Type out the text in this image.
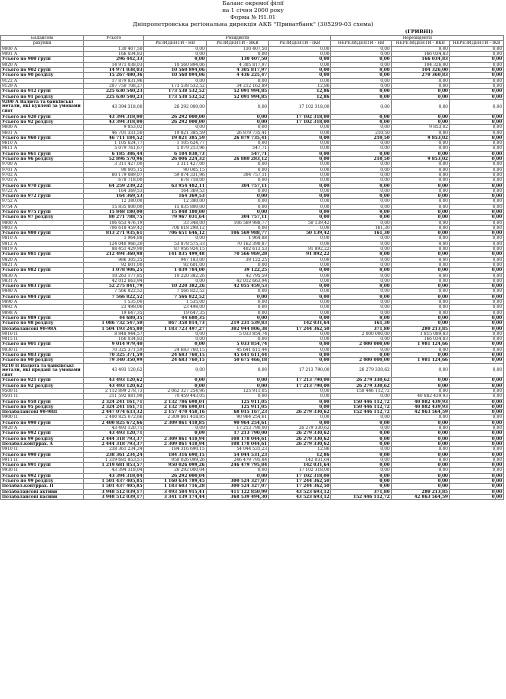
Баланс окремої філії
на 1 січня 2000 року
Форма № Н1.01
Дніпропетровська регіональна дирекція АКБ "Приватбанк" (305299-03 схема)
(ГРИВНІ)
Балансові	Усього	Резиденти			Нерезиденти		
рахунки		РЕЗИДЕНТИ - НВ	РЕЗИДЕНТИ - ВКВ	РЕЗИДЕНТИ - ІКВ	НЕРЕЗИДЕНТИ - НВ	НЕРЕЗИДЕНТИ - ВКВ	НЕРЕЗИДЕНТИ - ІКВ
9000 А	130 407,50	0,00	130 407,50	0,00	0,00	0,00	0,00
9001 А	166 034,83	0,00	0,00	0,00	0,00	166 034,83	0,00
Усього по 900 групі	296 442,33	0,00	130 407,50	0,00	0,00	166 034,83	0,00
9020 А	14 971 038,03	10 560 894,06	4 305 817,97	0,00	0,00	104 326,00	0,00
Усього по 902 групі	14 971 038,03	10 560 894,06	4 305 817,97	0,00	0,00	104 326,00	0,00
Усього по 90 розділу	15 267 480,36	10 560 894,06	4 436 225,47	0,00	0,00	270 360,83	0,00
9122 А	17 879 831,96	0,00	0,00	0,00	0,00	0,00	0,00
9129 А	207 750 708,27	173 538 532,52	34 212 162,89	12,86	0,00	0,00	0,00
Усього по 912 групі	225 630 540,23	173 538 532,52	52 091 994,85	12,86	0,00	0,00	0,00
Усього по 91 розділу	225 630 540,23	173 538 532,52	52 091 994,85	12,86	0,00	0,00	0,00
9200 А Валюта та банківські метали, які куплені за умовами спот	43 394 318,00	26 292 000,00	0,00	17 102 318,00	0,00	0,00	0,00
Усього по 920 групі	43 394 318,00	26 292 000,00	0,00	17 102 318,00	0,00	0,00	0,00
Усього по 92 розділу	43 394 318,00	26 292 000,00	0,00	17 102 318,00	0,00	0,00	0,00
9600 А	9 853,02	0,00	0,00	0,00	0,00	9 853,02	0,00
9601 А	46 701 331,50	19 821 385,59	26 879 735,41	0,00	210,50	0,00	0,00
Усього по 960 групі	46 711 184,52	19 821 385,59	26 879 735,41	0,00	210,50	9 853,02	0,00
9610 А	1 105 624,77	1 105 624,77	0,00	0,00	0,00	0,00	0,00
9611 А	5 079 761,67	5 079 213,96	547,71	0,00	0,00	0,00	0,00
Усього по 961 групі	6 185 386,44	6 184 838,73	547,71	0,00	0,00	0,00	0,00
Усього по 96 розділу	52 896 570,96	26 006 224,32	26 880 283,12	0,00	210,50	9 853,02	0,00
9700 А	3 311 427,00	3 311 427,00	0,00	0,00	0,00	0,00	0,00
9701 А	90 005,15	90 005,15	0,00	0,00	0,00	0,00	0,00
9702 А	60 179 089,07	59 874 331,96	304 757,11	0,00	0,00	0,00	0,00
9703 А	678 718,00	678 718,00	0,00	0,00	0,00	0,00	0,00
Усього по 970 групі	64 259 239,22	63 954 482,11	304 757,11	0,00	0,00	0,00	0,00
9722 А	164 369,53	164 369,53	0,00	0,00	0,00	0,00	0,00
Усього по 972 групі	164 369,53	164 369,53	0,00	0,00	0,00	0,00	0,00
9752 А	12 380,00	12 380,00	0,00	0,00	0,00	0,00	0,00
9754 А	15 835 800,00	15 835 800,00	0,00	0,00	0,00	0,00	0,00
Усього по 975 групі	15 848 180,00	15 848 180,00	0,00	0,00	0,00	0,00	0,00
Усього по 97 розділу	80 271 788,75	79 967 031,64	304 757,11	0,00	0,00	0,00	0,00
9800 А	106 653 476,19	33 348,00	106 569 988,77	50 139,42	0,00	0,00	0,00
9803 А	706 618 459,42	706 618 298,12	0,00	0,00	161,30	0,00	0,00
Усього по 980 групі	813 271 935,61	706 651 646,12	106 569 988,77	50 139,42	161,30	0,00	0,00
9810 А	1 964,88	0,00	1 964,88	0,00	0,00	0,00	0,00
9812 А	124 040 966,20	53 878 575,33	70 162 390,87	0,00	0,00	0,00	0,00
9819 А	88 451 429,90	87 956 924,15	402 613,53	91 892,22	0,00	0,00	0,00
Усього по 981 групі	212 494 360,98	141 835 499,48	70 566 969,28	91 892,22	0,00	0,00	0,00
9820 А	986 305,25	947 183,00	39 122,25	0,00	0,00	0,00	0,00
9821 А	92 601,00	92 601,00	0,00	0,00	0,00	0,00	0,00
Усього по 982 групі	1 078 906,25	1 039 784,00	39 122,25	0,00	0,00	0,00	0,00
9830 А	10 263 177,85	10 220 382,26	42 795,59	0,00	0,00	0,00	0,00
9831 А	42 012 663,94	0,00	42 012 663,94	0,00	0,00	0,00	0,00
Усього по 983 групі	52 275 841,79	10 220 382,26	42 055 459,53	0,00	0,00	0,00	0,00
9840 А	7 566 822,52	7 566 822,52	0,00	0,00	0,00	0,00	0,00
Усього по 984 групі	7 566 822,52	7 566 822,52	0,00	0,00	0,00	0,00	0,00
9890 А	1 535,00	1 535,00	0,00	0,00	0,00	0,00	0,00
9892 А	23 498,00	23 498,00	0,00	0,00	0,00	0,00	0,00
9898 А	19 647,35	19 647,35	0,00	0,00	0,00	0,00	0,00
Усього по 989 групі	44 680,35	44 680,35	0,00	0,00	0,00	0,00	0,00
Усього по 98 розділу	1 086 732 547,50	867 358 814,73	219 231 539,83	142 031,64	161,30	0,00	0,00
Позабалансові 90-98А	1 504 193 245,80	1 183 723 497,27	302 944 806,38	17 244 362,50	371,80	280 213,85	0,00
9010 П	8 848 944,57	0,00	5 033 854,74	0,00	2 000 000,00	1 815 089,83	0,00
9015 П	166 034,83	0,00	0,00	0,00	0,00	166 034,83	0,00
Усього по 901 групі	9 014 979,40	0,00	5 033 854,74	0,00	2 000 000,00	1 981 124,66	0,00
9030 П	70 325 371,59	24 683 760,15	45 641 611,44	0,00	0,00	0,00	0,00
Усього по 903 групі	70 325 371,59	24 683 760,15	45 641 611,44	0,00	0,00	0,00	0,00
Усього по 90 розділу	79 340 350,99	24 683 760,15	50 675 466,18	0,00	2 000 000,00	1 981 124,66	0,00
9210 П Валюта та банківські метали, які продані за умовами спот	43 493 120,62	0,00	0,00	17 213 790,00	26 279 330,62	0,00	0,00
Усього по 921 групі	43 493 120,62	0,00	0,00	17 213 790,00	26 279 330,62	0,00	0,00
Усього по 92 розділу	43 493 120,62	0,00	0,00	17 213 790,00	26 279 330,62	0,00	0,00
9500 П	2 112 899 278,73	2 062 327 254,96	125 911,05	0,00	150 446 112,72	0,00	0,00
9501 П	211 592 881,98	70 459 443,05	0,00	0,00	0,00	40 882 439,93	0,00
Усього по 950 групі	2 324 241 161,71	2 132 786 698,01	125 911,05	0,00	150 446 112,72	40 882 439,93	0,00
Усього по 95 розділу	2 324 241 161,71	2 132 786 698,01	125 911,05	0,00	150 446 112,72	40 882 439,93	0,00
Позабалансові 90-98П	2 447 074 633,32	2 157 470 458,16	68 015 167,23	26 279 330,62	152 446 112,72	42 863 564,59	0,00
9900 П	2 400 825 672,66	2 309 861 418,85	90 964 254,61	0,00	0,00	0,00	0,00
Усього по 990 групі	2 400 825 672,66	2 309 861 418,85	90 964 254,61	0,00	0,00	0,00	0,00
9920 А	43 493 120,71	0,09	17 213 790,00	26 279 330,62	0,00	0,00	0,00
Усього по 992 групі	43 493 120,71	0,09	17 213 790,00	26 279 330,62	0,00	0,00	0,00
Усього по 99 розділу	2 444 318 793,37	2 309 861 418,94	108 178 044,61	26 279 330,62	0,00	0,00	0,00
Позабал.контррах. А	2 444 318 793,37	2 309 861 418,94	108 178 044,61	26 279 330,62	0,00	0,00	0,00
9910 П	238 361 234,24	184 316 690,15	54 044 531,23	12,86	0,00	0,00	0,00
Усього по 990 групі	238 361 234,24	184 316 690,15	54 044 531,23	12,86	0,00	0,00	0,00
9911 П	1 219 681 853,57	950 026 099,26	246 479 795,84	142 031,64	0,00	0,00	0,00
Усього по 991 групі	1 219 681 853,57	950 026 099,26	246 479 795,84	142 031,64	0,00	0,00	0,00
9930 П	43 394 318,04	26 292 000,04	0,00	17 102 318,00	0,00	0,00	0,00
Усього по 992 групі	43 394 318,04	26 292 000,04	0,00	17 102 318,00	0,00	0,00	0,00
Усього по 99 розділу	1 501 437 405,85	1 160 634 789,45	300 524 327,07	17 244 362,50	0,00	0,00	0,00
Позабал.контррах. П	1 501 437 405,85	1 183 603 716,28	300 524 327,07	17 244 362,50	0,00	0,00	0,00
Позабалансові активи	3 948 512 039,17	3 493 584 915,41	411 122 850,99	43 523 693,12	371,80	280 213,85	0,00
Позабалансові пасиви	3 948 512 039,17	3 341 139 174,44	368 539 494,30	43 523 693,12	152 446 112,72	42 863 564,59	0,00
